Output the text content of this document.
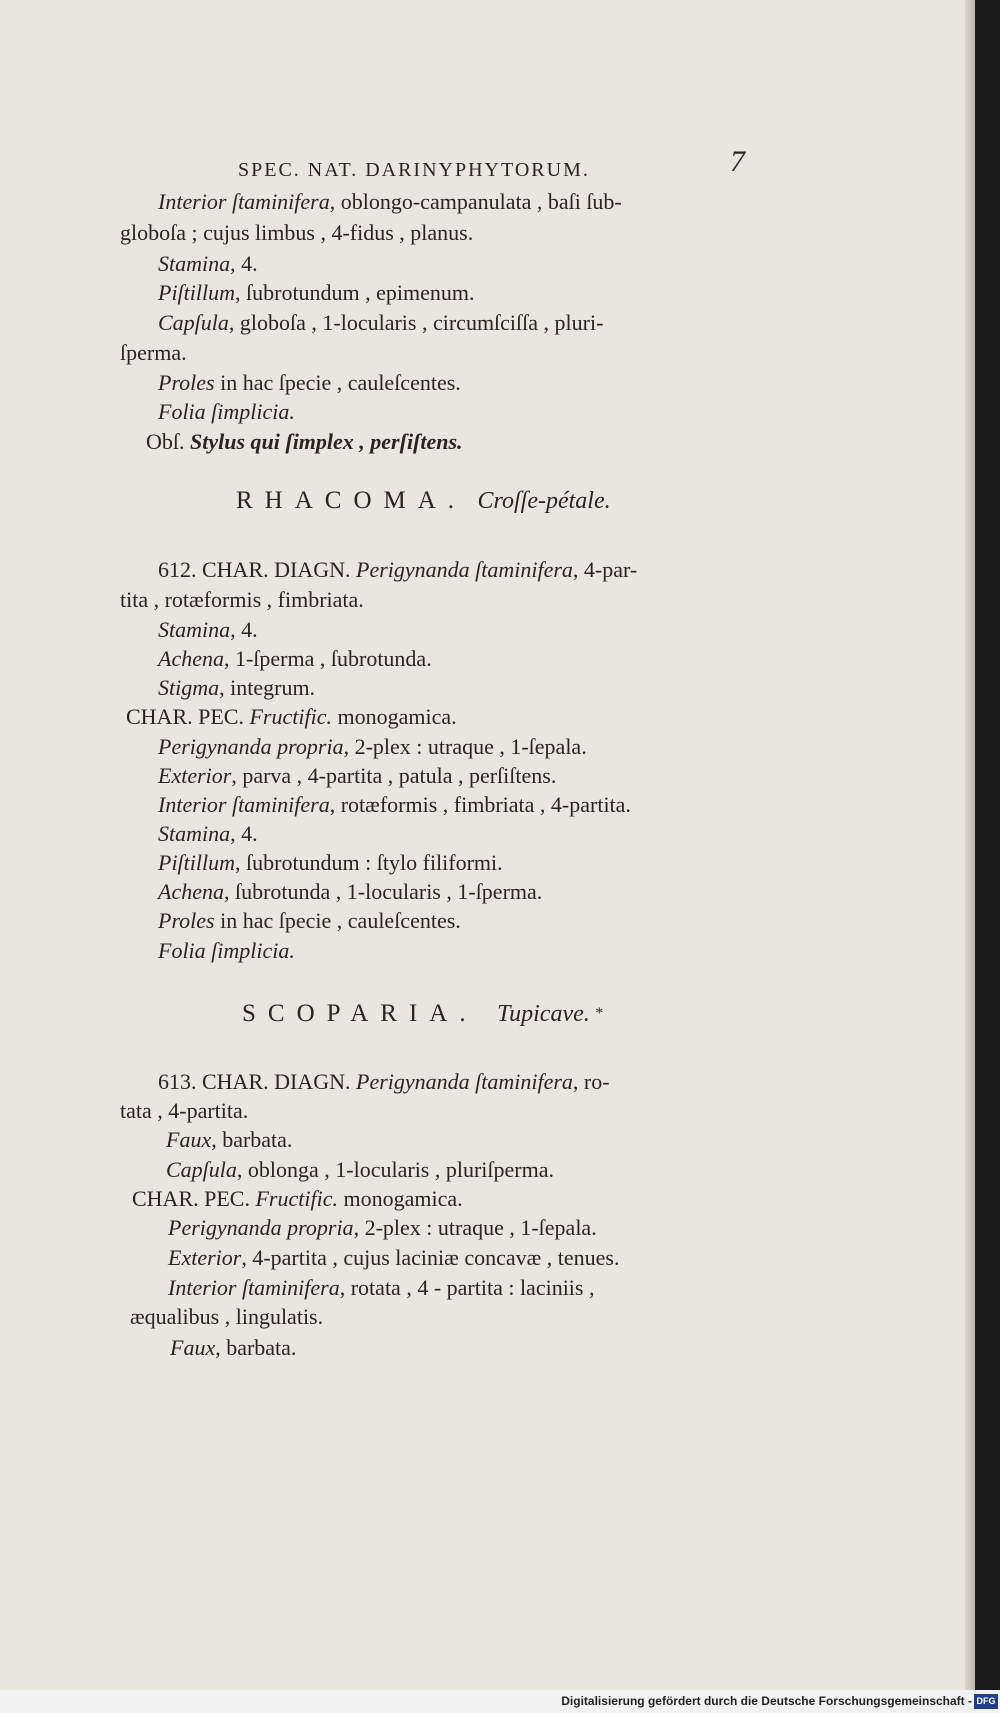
SPEC. NAT. DARINYPHYTORUM.	7
Interior ſtaminifera, oblongo-campanulata , baſi ſub-
globoſa ; cujus limbus , 4-fidus , planus.
Stamina, 4.
Piſtillum, ſubrotundum , epimenum.
Capſula, globoſa , 1-locularis , circumſciſſa , pluri-
ſperma.
Proles in hac ſpecie , cauleſcentes.
Folia ſimplicia.
Obſ. Stylus qui ſimplex , perſiſtens.
RHACOMA. Croſſe-pétale.
612. CHAR. DIAGN. Perigynanda ſtaminifera, 4-par-
tita , rotæformis , fimbriata.
Stamina, 4.
Achena, 1-ſperma , ſubrotunda.
Stigma, integrum.
CHAR. PEC. Fructific. monogamica.
Perigynanda propria, 2-plex : utraque , 1-ſepala.
Exterior, parva , 4-partita , patula , perſiſtens.
Interior ſtaminifera, rotæformis , fimbriata , 4-partita.
Stamina, 4.
Piſtillum, ſubrotundum : ſtylo filiformi.
Achena, ſubrotunda , 1-locularis , 1-ſperma.
Proles in hac ſpecie , cauleſcentes.
Folia ſimplicia.
SCOPARIA. Tupicave. *
613. CHAR. DIAGN. Perigynanda ſtaminifera, ro-
tata , 4-partita.
Faux, barbata.
Capſula, oblonga , 1-locularis , pluriſperma.
CHAR. PEC. Fructific. monogamica.
Perigynanda propria, 2-plex : utraque , 1-ſepala.
Exterior, 4-partita , cujus laciniæ concavæ , tenues.
Interior ſtaminifera, rotata , 4 - partita : laciniis ,
æqualibus , lingulatis.
Faux, barbata.
Digitalisierung gefördert durch die Deutsche Forschungsgemeinschaft - DFG
